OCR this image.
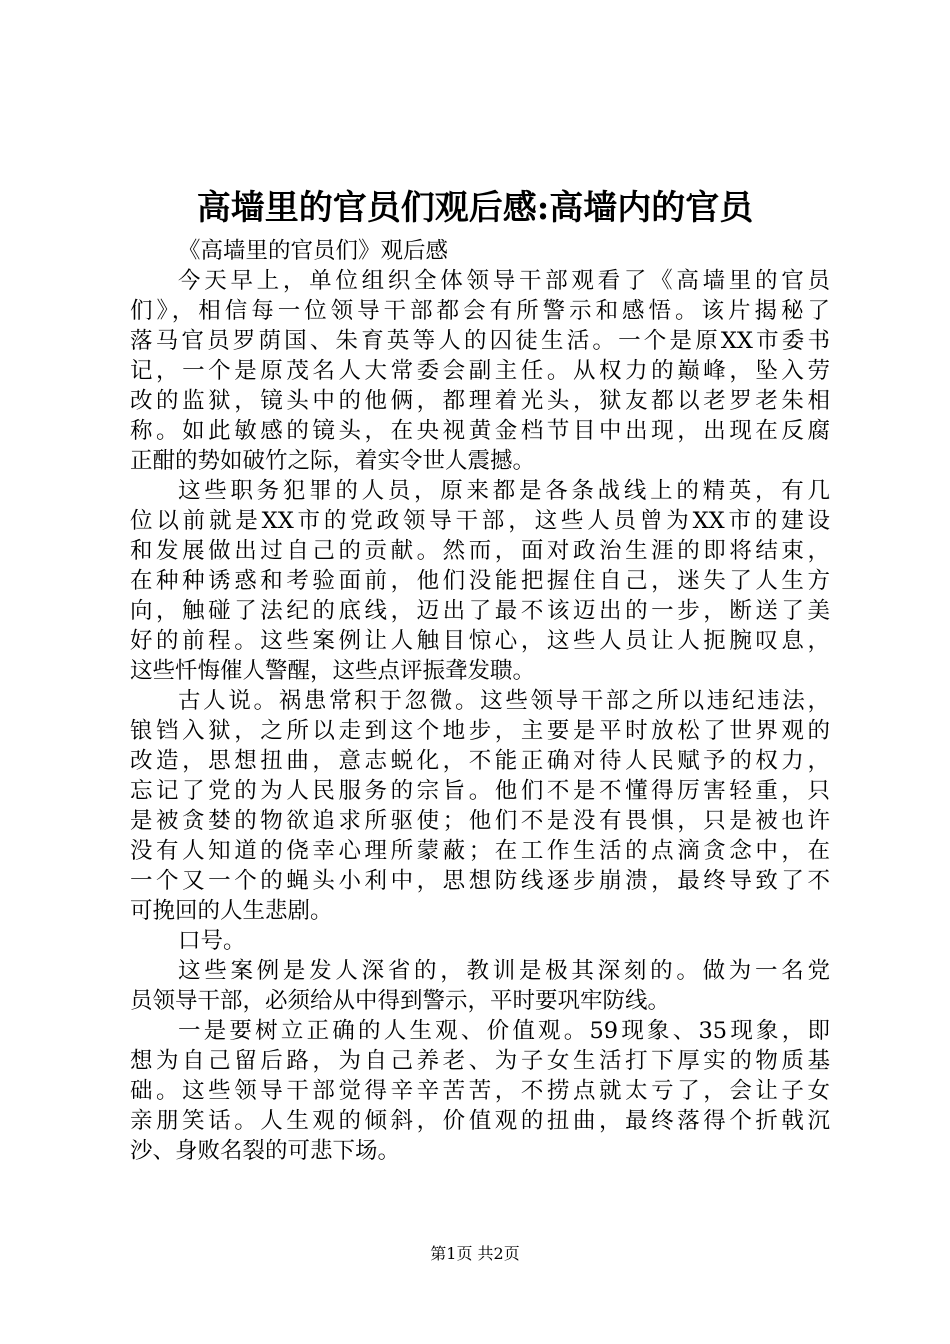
高墙里的官员们观后感:高墙内的官员
《高墙里的官员们》观后感
今天早上，单位组织全体领导干部观看了《高墙里的官员
们》，相信每一位领导干部都会有所警示和感悟。该片揭秘了
落马官员罗荫国、朱育英等人的囚徒生活。一个是原XX市委书
记，一个是原茂名人大常委会副主任。从权力的巅峰，坠入劳
改的监狱，镜头中的他俩，都理着光头，狱友都以老罗老朱相
称。如此敏感的镜头，在央视黄金档节目中出现，出现在反腐
正酣的势如破竹之际，着实令世人震撼。
这些职务犯罪的人员，原来都是各条战线上的精英，有几
位以前就是XX市的党政领导干部，这些人员曾为XX市的建设
和发展做出过自己的贡献。然而，面对政治生涯的即将结束，
在种种诱惑和考验面前，他们没能把握住自己，迷失了人生方
向，触碰了法纪的底线，迈出了最不该迈出的一步，断送了美
好的前程。这些案例让人触目惊心，这些人员让人扼腕叹息，
这些忏悔催人警醒，这些点评振聋发聩。
古人说。祸患常积于忽微。这些领导干部之所以违纪违法，
锒铛入狱，之所以走到这个地步，主要是平时放松了世界观的
改造，思想扭曲，意志蜕化，不能正确对待人民赋予的权力，
忘记了党的为人民服务的宗旨。他们不是不懂得厉害轻重，只
是被贪婪的物欲追求所驱使；他们不是没有畏惧，只是被也许
没有人知道的侥幸心理所蒙蔽；在工作生活的点滴贪念中，在
一个又一个的蝇头小利中，思想防线逐步崩溃，最终导致了不
可挽回的人生悲剧。
口号。
这些案例是发人深省的，教训是极其深刻的。做为一名党
员领导干部，必须给从中得到警示，平时要巩牢防线。
一是要树立正确的人生观、价值观。59现象、35现象，即
想为自己留后路，为自己养老、为子女生活打下厚实的物质基
础。这些领导干部觉得辛辛苦苦，不捞点就太亏了，会让子女
亲朋笑话。人生观的倾斜，价值观的扭曲，最终落得个折戟沉
沙、身败名裂的可悲下场。
第1页 共2页
